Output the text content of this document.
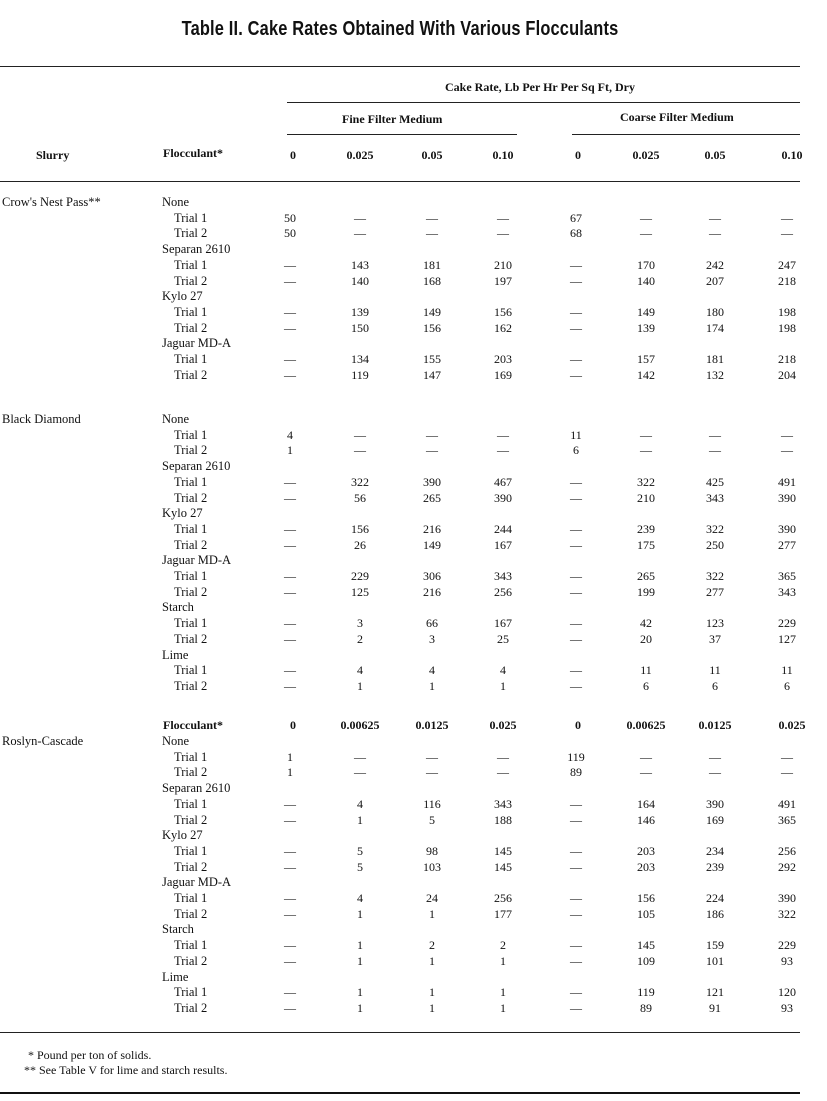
Table II. Cake Rates Obtained With Various Flocculants
Cake Rate, Lb Per Hr Per Sq Ft, Dry
Fine Filter Medium	Coarse Filter Medium
Slurry	Flocculant*	0	0.025	0.05	0.10	0	0.025	0.05	0.10
Crow's Nest Pass**	None
Trial 1	50	—	—	—	67	—	—	—
Trial 2	50	—	—	—	68	—	—	—
Separan 2610
Trial 1	—	143	181	210	—	170	242	247
Trial 2	—	140	168	197	—	140	207	218
Kylo 27
Trial 1	—	139	149	156	—	149	180	198
Trial 2	—	150	156	162	—	139	174	198
Jaguar MD-A
Trial 1	—	134	155	203	—	157	181	218
Trial 2	—	119	147	169	—	142	132	204
Black Diamond	None
Trial 1	4	—	—	—	11	—	—	—
Trial 2	1	—	—	—	6	—	—	—
Separan 2610
Trial 1	—	322	390	467	—	322	425	491
Trial 2	—	56	265	390	—	210	343	390
Kylo 27
Trial 1	—	156	216	244	—	239	322	390
Trial 2	—	26	149	167	—	175	250	277
Jaguar MD-A
Trial 1	—	229	306	343	—	265	322	365
Trial 2	—	125	216	256	—	199	277	343
Starch
Trial 1	—	3	66	167	—	42	123	229
Trial 2	—	2	3	25	—	20	37	127
Lime
Trial 1	—	4	4	4	—	11	11	11
Trial 2	—	1	1	1	—	6	6	6
Flocculant*	0	0.00625	0.0125	0.025	0	0.00625	0.0125	0.025
Roslyn-Cascade	None
Trial 1	1	—	—	—	119	—	—	—
Trial 2	1	—	—	—	89	—	—	—
Separan 2610
Trial 1	—	4	116	343	—	164	390	491
Trial 2	—	1	5	188	—	146	169	365
Kylo 27
Trial 1	—	5	98	145	—	203	234	256
Trial 2	—	5	103	145	—	203	239	292
Jaguar MD-A
Trial 1	—	4	24	256	—	156	224	390
Trial 2	—	1	1	177	—	105	186	322
Starch
Trial 1	—	1	2	2	—	145	159	229
Trial 2	—	1	1	1	—	109	101	93
Lime
Trial 1	—	1	1	1	—	119	121	120
Trial 2	—	1	1	1	—	89	91	93
* Pound per ton of solids.
** See Table V for lime and starch results.
